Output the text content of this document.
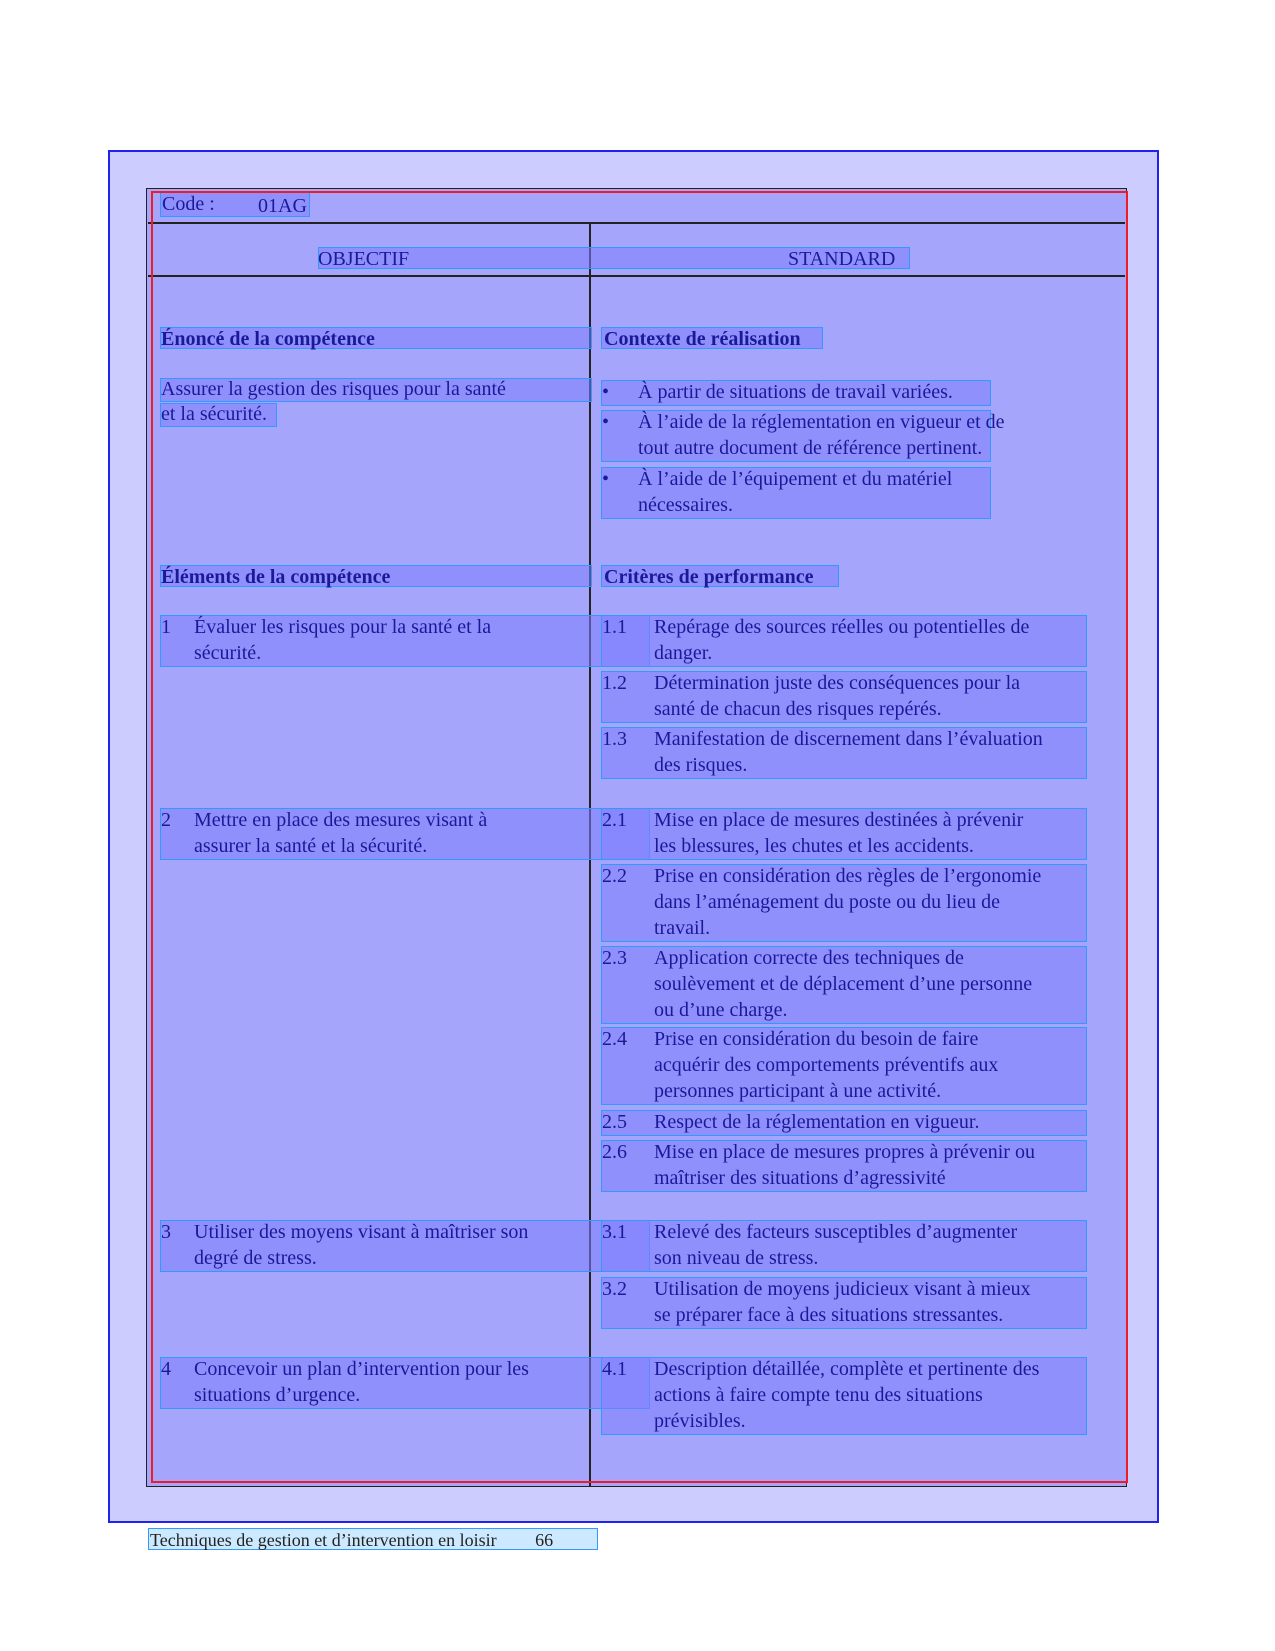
Code : 01AG
OBJECTIF	STANDARD
Énoncé de la compétence
Assurer la gestion des risques pour la santé
et la sécurité.
Contexte de réalisation
• À partir de situations de travail variées.
• À l’aide de la réglementation en vigueur et de
tout autre document de référence pertinent.
• À l’aide de l’équipement et du matériel
nécessaires.
Éléments de la compétence
1 Évaluer les risques pour la santé et la
sécurité.
2 Mettre en place des mesures visant à
assurer la santé et la sécurité.
3 Utiliser des moyens visant à maîtriser son
degré de stress.
4 Concevoir un plan d’intervention pour les
situations d’urgence.
Critères de performance
1.1 Repérage des sources réelles ou potentielles de
danger.
1.2 Détermination juste des conséquences pour la
santé de chacun des risques repérés.
1.3 Manifestation de discernement dans l’évaluation
des risques.
2.1 Mise en place de mesures destinées à prévenir
les blessures, les chutes et les accidents.
2.2 Prise en considération des règles de l’ergonomie
dans l’aménagement du poste ou du lieu de
travail.
2.3 Application correcte des techniques de
soulèvement et de déplacement d’une personne
ou d’une charge.
2.4 Prise en considération du besoin de faire
acquérir des comportements préventifs aux
personnes participant à une activité.
2.5 Respect de la réglementation en vigueur.
2.6 Mise en place de mesures propres à prévenir ou
maîtriser des situations d’agressivité
3.1 Relevé des facteurs susceptibles d’augmenter
son niveau de stress.
3.2 Utilisation de moyens judicieux visant à mieux
se préparer face à des situations stressantes.
4.1 Description détaillée, complète et pertinente des
actions à faire compte tenu des situations
prévisibles.
Techniques de gestion et d’intervention en loisir 66
